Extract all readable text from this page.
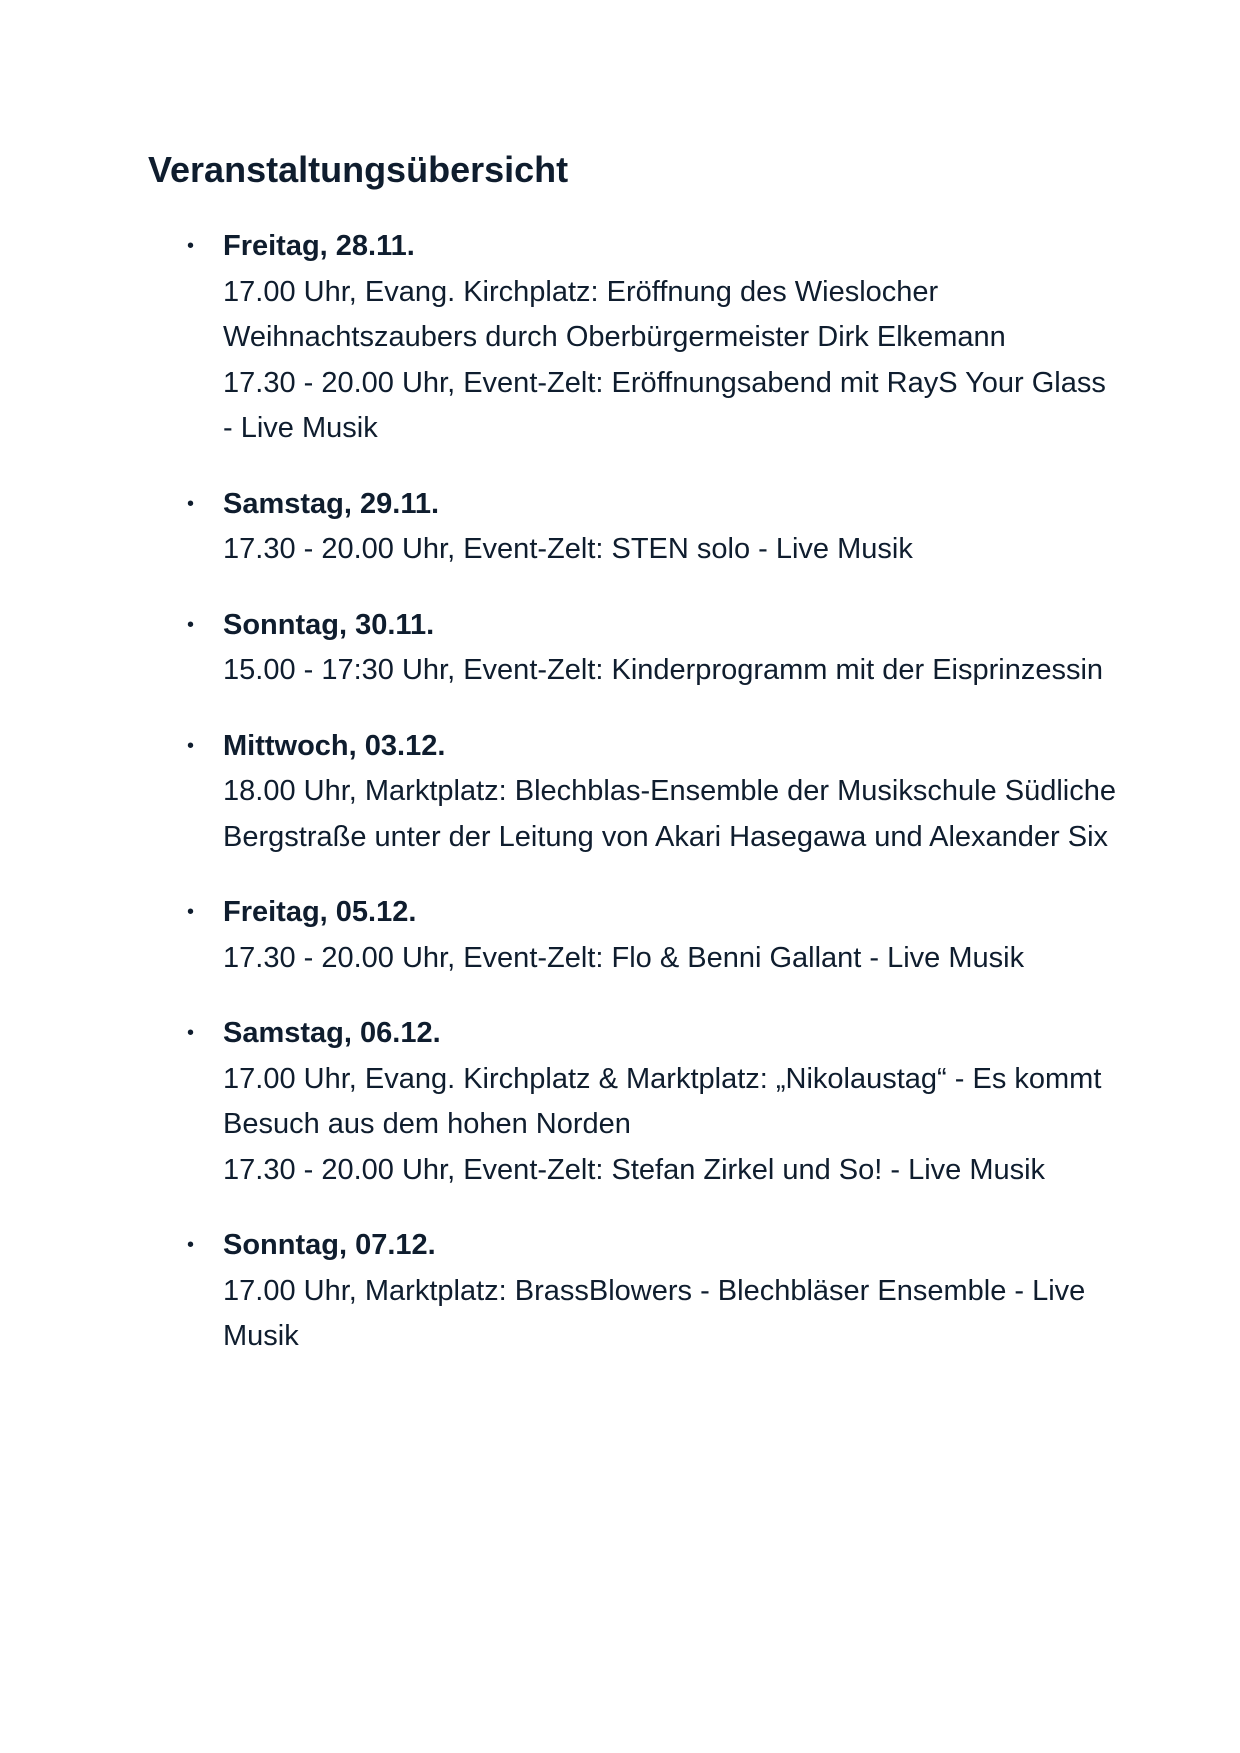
Veranstaltungsübersicht
• Freitag, 28.11.
17.00 Uhr, Evang. Kirchplatz: Eröffnung des Wieslocher Weihnachtszaubers durch Oberbürgermeister Dirk Elkemann
17.30 - 20.00 Uhr, Event-Zelt: Eröffnungsabend mit RayS Your Glass - Live Musik
• Samstag, 29.11.
17.30 - 20.00 Uhr, Event-Zelt: STEN solo - Live Musik
• Sonntag, 30.11.
15.00 - 17:30 Uhr, Event-Zelt: Kinderprogramm mit der Eisprinzessin
• Mittwoch, 03.12.
18.00 Uhr, Marktplatz: Blechblas-Ensemble der Musikschule Südliche Bergstraße unter der Leitung von Akari Hasegawa und Alexander Six
• Freitag, 05.12.
17.30 - 20.00 Uhr, Event-Zelt: Flo & Benni Gallant - Live Musik
• Samstag, 06.12.
17.00 Uhr, Evang. Kirchplatz & Marktplatz: „Nikolaustag“ - Es kommt Besuch aus dem hohen Norden
17.30 - 20.00 Uhr, Event-Zelt: Stefan Zirkel und So! - Live Musik
• Sonntag, 07.12.
17.00 Uhr, Marktplatz: BrassBlowers - Blechbläser Ensemble - Live Musik
